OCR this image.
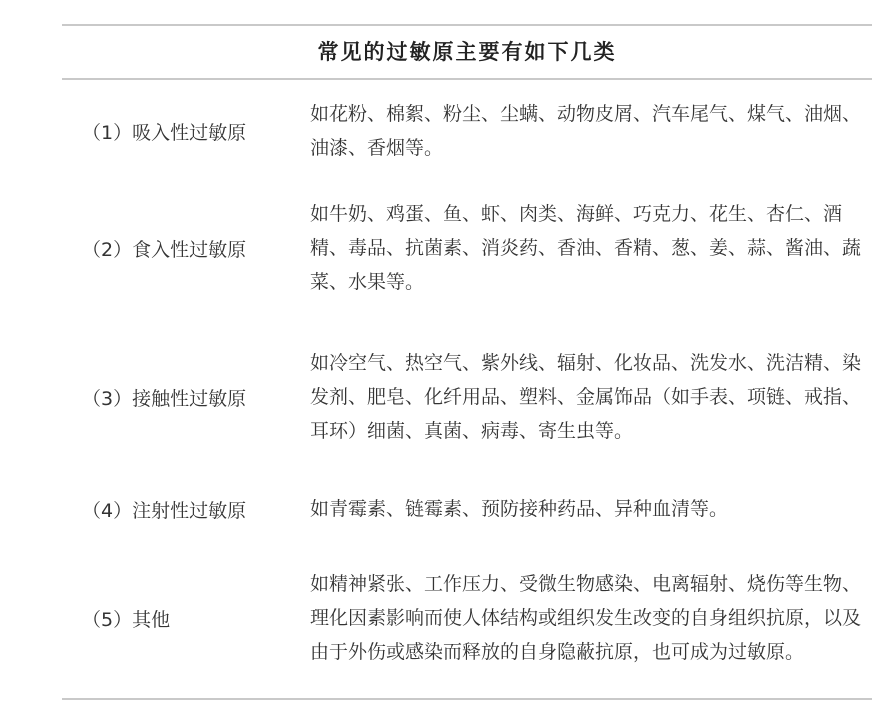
常见的过敏原主要有如下几类
（1）吸入性过敏原
如花粉、棉絮、粉尘、尘螨、动物皮屑、汽车尾气、煤气、油烟、油漆、香烟等。
（2）食入性过敏原
如牛奶、鸡蛋、鱼、虾、肉类、海鲜、巧克力、花生、杏仁、酒精、毒品、抗菌素、消炎药、香油、香精、葱、姜、蒜、酱油、蔬菜、水果等。
（3）接触性过敏原
如冷空气、热空气、紫外线、辐射、化妆品、洗发水、洗洁精、染发剂、肥皂、化纤用品、塑料、金属饰品（如手表、项链、戒指、耳环）细菌、真菌、病毒、寄生虫等。
（4）注射性过敏原	如青霉素、链霉素、预防接种药品、异种血清等。
（5）其他
如精神紧张、工作压力、受微生物感染、电离辐射、烧伤等生物、理化因素影响而使人体结构或组织发生改变的自身组织抗原，以及由于外伤或感染而释放的自身隐蔽抗原，也可成为过敏原。
